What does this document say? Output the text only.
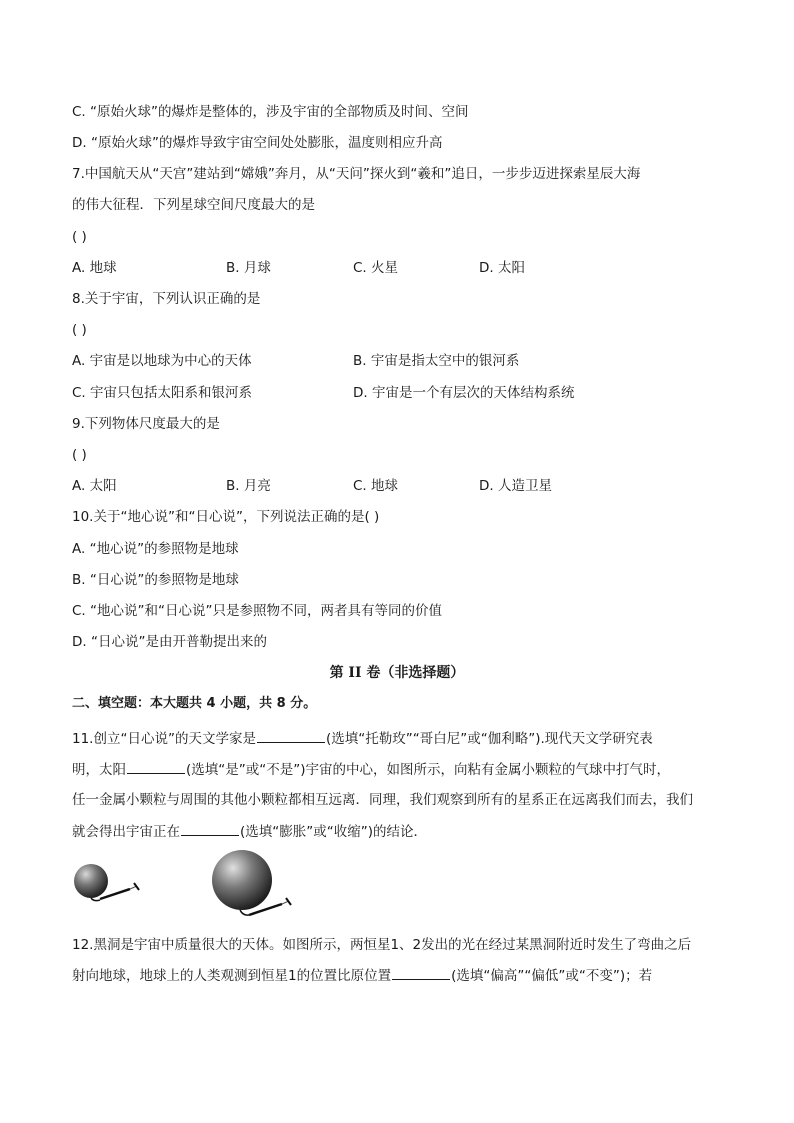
C. “原始火球”的爆炸是整体的，涉及宇宙的全部物质及时间、空间
D. “原始火球”的爆炸导致宇宙空间处处膨胀，温度则相应升高
7.中国航天从“天宫”建站到“嫦娥”奔月，从“天问”探火到“羲和”追日，一步步迈进探索星辰大海
的伟大征程．下列星球空间尺度最大的是
( )
A. 地球	B. 月球	C. 火星	D. 太阳
8.关于宇宙，下列认识正确的是
( )
A. 宇宙是以地球为中心的天体	B. 宇宙是指太空中的银河系
C. 宇宙只包括太阳系和银河系	D. 宇宙是一个有层次的天体结构系统
9.下列物体尺度最大的是
( )
A. 太阳	B. 月亮	C. 地球	D. 人造卫星
10.关于“地心说”和“日心说”，下列说法正确的是( )
A. “地心说”的参照物是地球
B. “日心说”的参照物是地球
C. “地心说”和“日心说”只是参照物不同，两者具有等同的价值
D. “日心说”是由开普勒提出来的
第 II 卷（非选择题）
二、填空题：本大题共 4 小题，共 8 分。
11.创立“日心说”的天文学家是	(选填“托勒玫”“哥白尼”或“伽利略”).现代天文学研究表
明，太阳	(选填“是”或“不是”)宇宙的中心，如图所示，向粘有金属小颗粒的气球中打气时，
任一金属小颗粒与周围的其他小颗粒都相互远离．同理，我们观察到所有的星系正在远离我们而去，我们
就会得出宇宙正在	(选填“膨胀”或“收缩”)的结论．
12.黑洞是宇宙中质量很大的天体。如图所示，两恒星1、2发出的光在经过某黑洞附近时发生了弯曲之后
射向地球，地球上的人类观测到恒星1的位置比原位置	(选填“偏高”“偏低”或“不变”)；若
